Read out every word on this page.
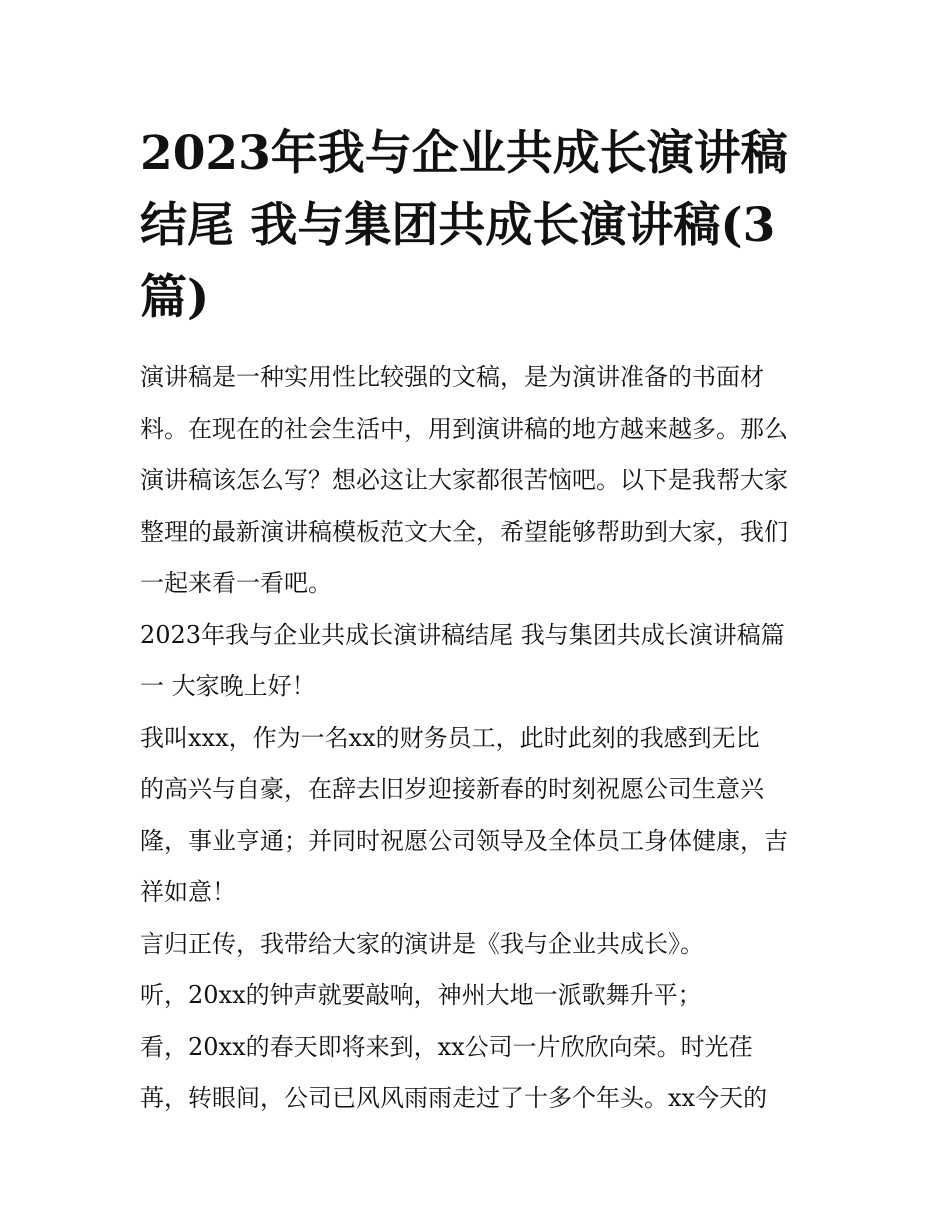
2023年我与企业共成长演讲稿
结尾 我与集团共成长演讲稿(3
篇)
演讲稿是一种实用性比较强的文稿，是为演讲准备的书面材
料。在现在的社会生活中，用到演讲稿的地方越来越多。那么
演讲稿该怎么写？想必这让大家都很苦恼吧。以下是我帮大家
整理的最新演讲稿模板范文大全，希望能够帮助到大家，我们
一起来看一看吧。
2023年我与企业共成长演讲稿结尾 我与集团共成长演讲稿篇
一 大家晚上好！
我叫xxx，作为一名xx的财务员工，此时此刻的我感到无比
的高兴与自豪，在辞去旧岁迎接新春的时刻祝愿公司生意兴
隆，事业亨通；并同时祝愿公司领导及全体员工身体健康，吉
祥如意！
言归正传，我带给大家的演讲是《我与企业共成长》。
听，20xx的钟声就要敲响，神州大地一派歌舞升平；
看，20xx的春天即将来到，xx公司一片欣欣向荣。时光荏
苒，转眼间，公司已风风雨雨走过了十多个年头。xx今天的
